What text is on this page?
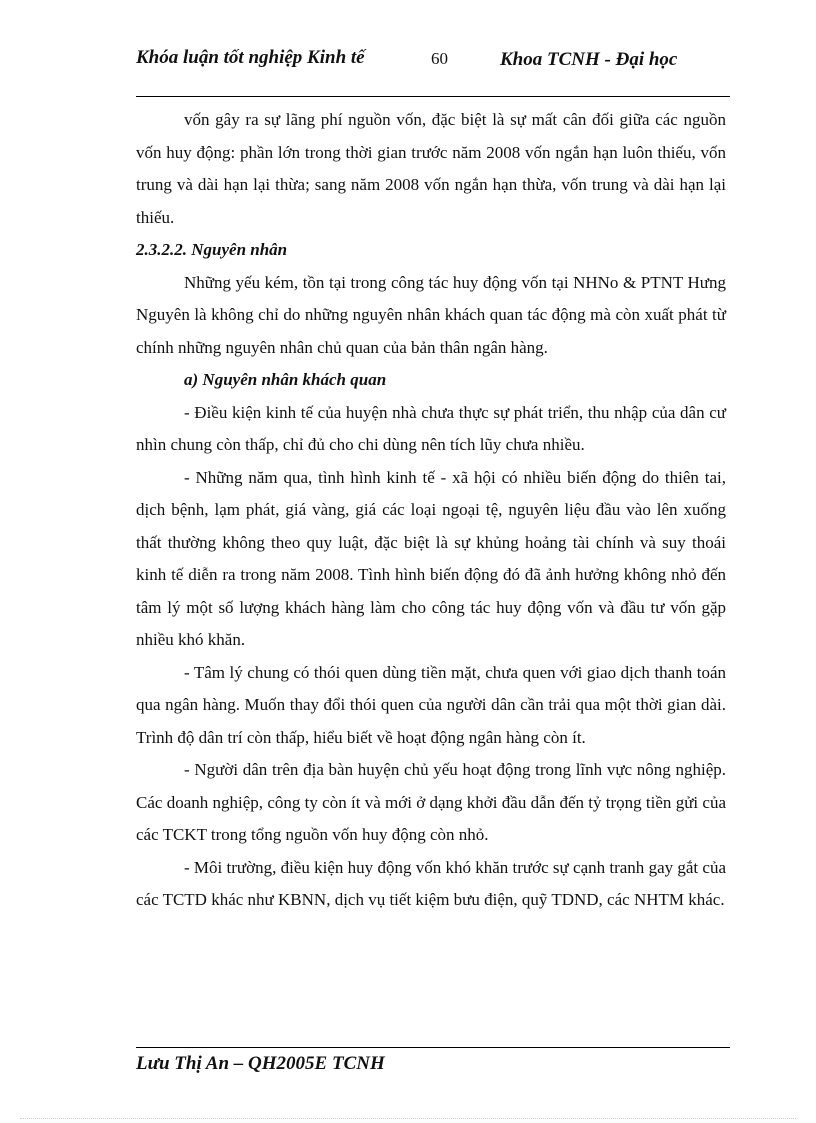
Khóa luận tốt nghiệp Kinh tế	60	Khoa TCNH - Đại học

vốn gây ra sự lãng phí nguồn vốn, đặc biệt là sự mất cân đối giữa các nguồn vốn huy động: phần lớn trong thời gian trước năm 2008 vốn ngắn hạn luôn thiếu, vốn trung và dài hạn lại thừa; sang năm 2008 vốn ngắn hạn thừa, vốn trung và dài hạn lại thiếu.

2.3.2.2. Nguyên nhân

Những yếu kém, tồn tại trong công tác huy động vốn tại NHNo & PTNT Hưng Nguyên là không chỉ do những nguyên nhân khách quan tác động mà còn xuất phát từ chính những nguyên nhân chủ quan của bản thân ngân hàng.

a) Nguyên nhân khách quan

- Điều kiện kinh tế của huyện nhà chưa thực sự phát triển, thu nhập của dân cư nhìn chung còn thấp, chỉ đủ cho chi dùng nên tích lũy chưa nhiều.

- Những năm qua, tình hình kinh tế - xã hội có nhiều biến động do thiên tai, dịch bệnh, lạm phát, giá vàng, giá các loại ngoại tệ, nguyên liệu đầu vào lên xuống thất thường không theo quy luật, đặc biệt là sự khủng hoảng tài chính và suy thoái kinh tế diễn ra trong năm 2008. Tình hình biến động đó đã ảnh hưởng không nhỏ đến tâm lý một số lượng khách hàng làm cho công tác huy động vốn và đầu tư vốn gặp nhiều khó khăn.

- Tâm lý chung có thói quen dùng tiền mặt, chưa quen với giao dịch thanh toán qua ngân hàng. Muốn thay đổi thói quen của người dân cần trải qua một thời gian dài. Trình độ dân trí còn thấp, hiểu biết về hoạt động ngân hàng còn ít.

- Người dân trên địa bàn huyện chủ yếu hoạt động trong lĩnh vực nông nghiệp. Các doanh nghiệp, công ty còn ít và mới ở dạng khởi đầu dẫn đến tỷ trọng tiền gửi của các TCKT trong tổng nguồn vốn huy động còn nhỏ.

- Môi trường, điều kiện huy động vốn khó khăn trước sự cạnh tranh gay gắt của các TCTD khác như KBNN, dịch vụ tiết kiệm bưu điện, quỹ TDND, các NHTM khác.

Lưu Thị An – QH2005E TCNH
